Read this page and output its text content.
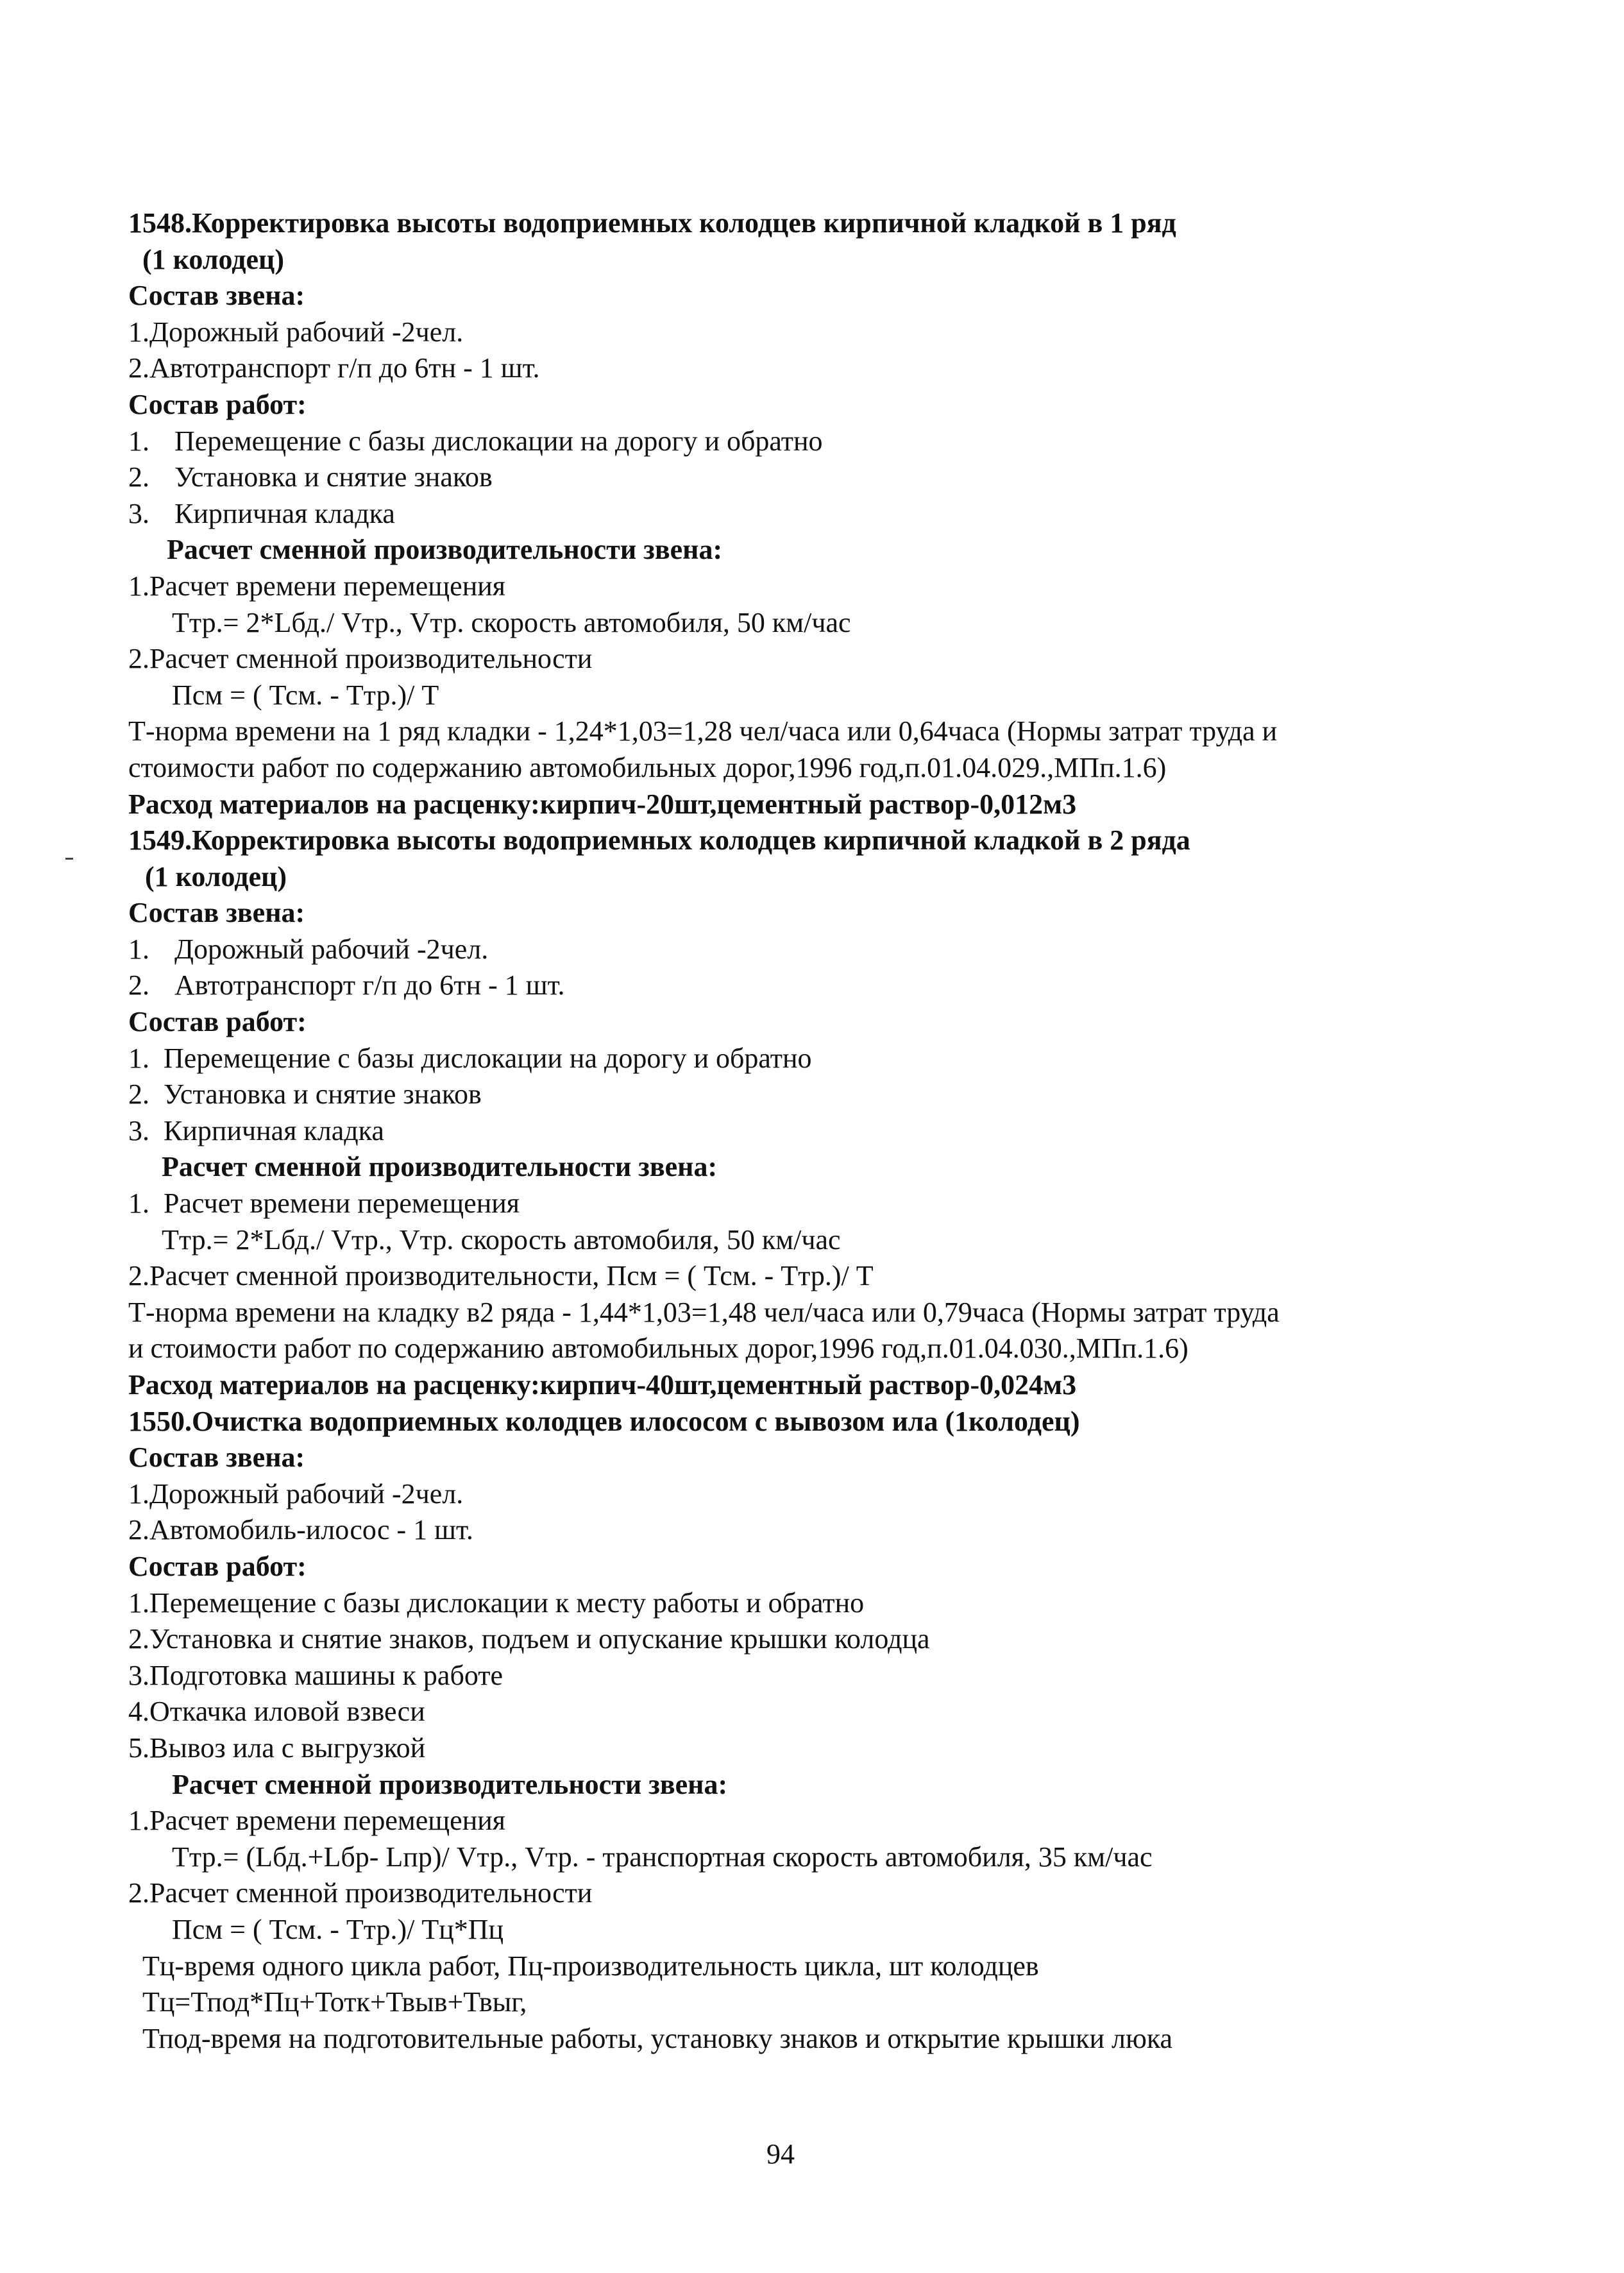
1548.Корректировка высоты водоприемных колодцев кирпичной кладкой в 1 ряд
(1 колодец)
Состав звена:
1.Дорожный рабочий -2чел.
2.Автотранспорт г/п до 6тн - 1 шт.
Состав работ:
1. Перемещение с базы дислокации на дорогу и обратно
2. Установка и снятие знаков
3. Кирпичная кладка
Расчет сменной производительности звена:
1.Расчет времени перемещения
Ттр.= 2*Lбд./ Vтр., Vтр. скорость автомобиля, 50 км/час
2.Расчет сменной производительности
Псм = ( Тсм. - Ттр.)/ Т
Т-норма времени на 1 ряд кладки - 1,24*1,03=1,28 чел/часа или 0,64часа (Нормы затрат труда и
стоимости работ по содержанию автомобильных дорог,1996 год,п.01.04.029.,МПп.1.6)
Расход материалов на расценку:кирпич-20шт,цементный раствор-0,012м3
1549.Корректировка высоты водоприемных колодцев кирпичной кладкой в 2 ряда
(1 колодец)
Состав звена:
1. Дорожный рабочий -2чел.
2. Автотранспорт г/п до 6тн - 1 шт.
Состав работ:
1. Перемещение с базы дислокации на дорогу и обратно
2. Установка и снятие знаков
3. Кирпичная кладка
Расчет сменной производительности звена:
1. Расчет времени перемещения
Ттр.= 2*Lбд./ Vтр., Vтр. скорость автомобиля, 50 км/час
2.Расчет сменной производительности, Псм = ( Тсм. - Ттр.)/ Т
Т-норма времени на кладку в2 ряда - 1,44*1,03=1,48 чел/часа или 0,79часа (Нормы затрат труда
и стоимости работ по содержанию автомобильных дорог,1996 год,п.01.04.030.,МПп.1.6)
Расход материалов на расценку:кирпич-40шт,цементный раствор-0,024м3
1550.Очистка водоприемных колодцев илососом с вывозом ила (1колодец)
Состав звена:
1.Дорожный рабочий -2чел.
2.Автомобиль-илосос - 1 шт.
Состав работ:
1.Перемещение с базы дислокации к месту работы и обратно
2.Установка и снятие знаков, подъем и опускание крышки колодца
3.Подготовка машины к работе
4.Откачка иловой взвеси
5.Вывоз ила с выгрузкой
Расчет сменной производительности звена:
1.Расчет времени перемещения
Ттр.= (Lбд.+Lбр- Lпр)/ Vтр., Vтр. - транспортная скорость автомобиля, 35 км/час
2.Расчет сменной производительности
Псм = ( Тсм. - Ттр.)/ Тц*Пц
Тц-время одного цикла работ, Пц-производительность цикла, шт колодцев
Тц=Тпод*Пц+Тотк+Твыв+Твыг,
Тпод-время на подготовительные работы, установку знаков и открытие крышки люка
94
